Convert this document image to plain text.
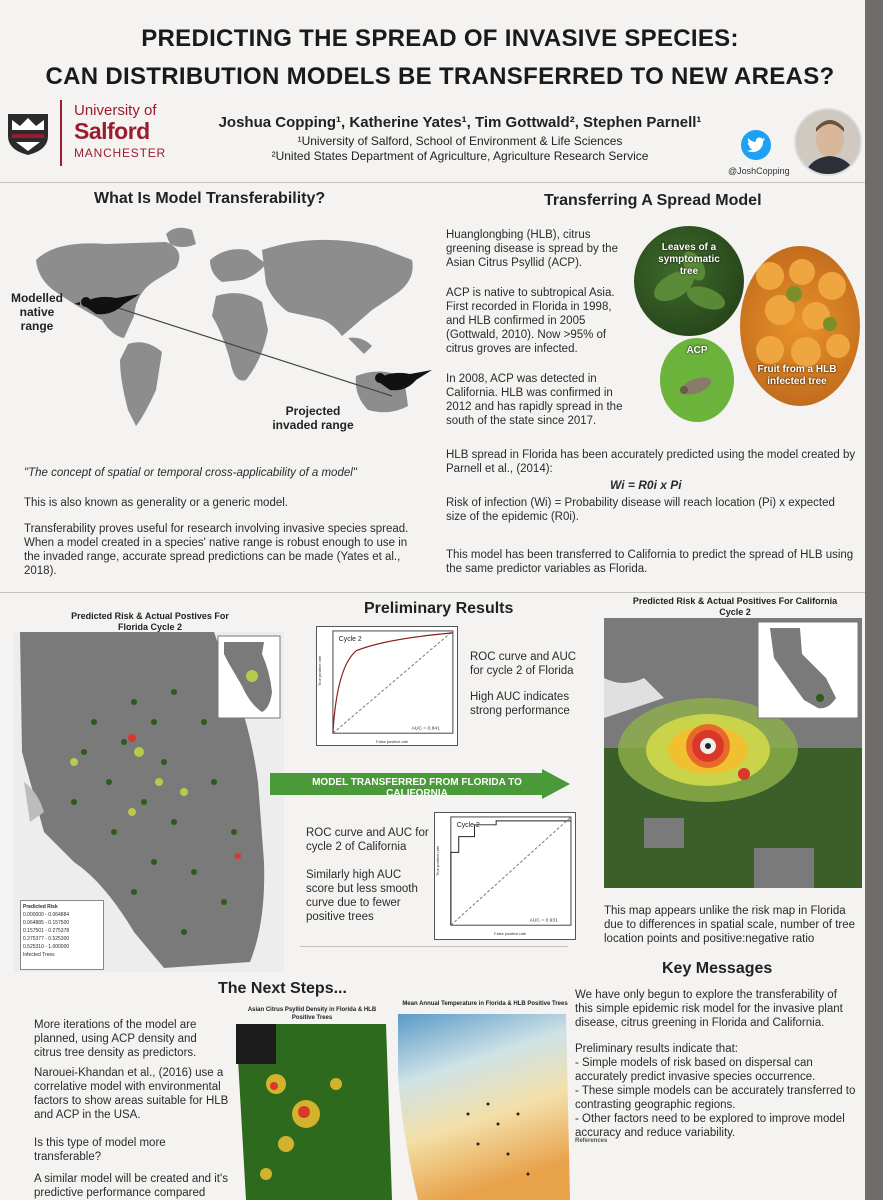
PREDICTING THE SPREAD OF INVASIVE SPECIES:
CAN DISTRIBUTION MODELS BE TRANSFERRED TO NEW AREAS?
University of
Salford
MANCHESTER
Joshua Copping¹, Katherine Yates¹, Tim Gottwald², Stephen Parnell¹
¹University of Salford, School of Environment & Life Sciences
²United States Department of Agriculture, Agriculture Research Service
@JoshCopping
What Is Model Transferability?
Modelled native range
Projected invaded range
"The concept of spatial or temporal cross-applicability of a model"
This is also known as generality or a generic model.
Transferability proves useful for research involving invasive species spread. When a model created in a species' native range is robust enough to use in the invaded range, accurate spread predictions can be made (Yates et al., 2018).
Transferring A Spread Model
Huanglongbing (HLB), citrus greening disease is spread by the Asian Citrus Psyllid (ACP).
ACP is native to subtropical Asia. First recorded in Florida in 1998, and HLB confirmed in 2005 (Gottwald, 2010). Now >95% of citrus groves are infected.
In 2008, ACP was detected in California. HLB was confirmed in 2012 and has rapidly spread in the south of the state since 2017.
HLB spread in Florida has been accurately predicted using the model created by Parnell et al., (2014):
Wi = R0i x Pi
Risk of infection (Wi) = Probability disease will reach location (Pi) x expected size of the epidemic (R0i).
This model has been transferred to California to predict the spread of HLB using the same predictor variables as Florida.
Leaves of a symptomatic tree
Fruit from a HLB infected tree
ACP
Preliminary Results
Predicted Risk & Actual Postives For Florida Cycle 2
Predicted Risk
0.000000 - 0.064884
0.064885 - 0.157500
0.157501 - 0.275378
0.275377 - 0.525300
0.525310 - 1.000000
Infected Trees
True positive rate
False positive rate
AUC = 0.841
Cycle 2
ROC curve and AUC for cycle 2 of Florida
High AUC indicates strong performance
MODEL TRANSFERRED FROM FLORIDA TO CALIFORNIA
ROC curve and AUC for cycle 2 of California
Similarly high AUC score but less smooth curve due to fewer positive trees
True positive rate
False positive rate
AUC = 0.931
Cycle 2
Predicted Risk & Actual Positives For California Cycle 2
This map appears unlike the risk map in Florida due to differences in spatial scale, number of tree location points and positive:negative ratio
The Next Steps...
More iterations of the model are planned, using ACP density and citrus tree density as predictors.
Narouei-Khandan et al., (2016) use a correlative model with environmental factors to show areas suitable for HLB and ACP in the USA.
Is this type of model more transferable?
A similar model will be created and it's predictive performance compared
Asian Citrus Psyllid Density in Florida & HLB Positive Trees
Mean Annual Temperature in Florida & HLB Positive Trees
Key Messages
We have only begun to explore the transferability of this simple epidemic risk model for the invasive plant disease, citrus greening in Florida and California.
Preliminary results indicate that:
- Simple models of risk based on dispersal can accurately predict invasive species occurrence.
- These simple models can be accurately transferred to contrasting geographic regions.
- Other factors need to be explored to improve model accuracy and reduce variability.
References
